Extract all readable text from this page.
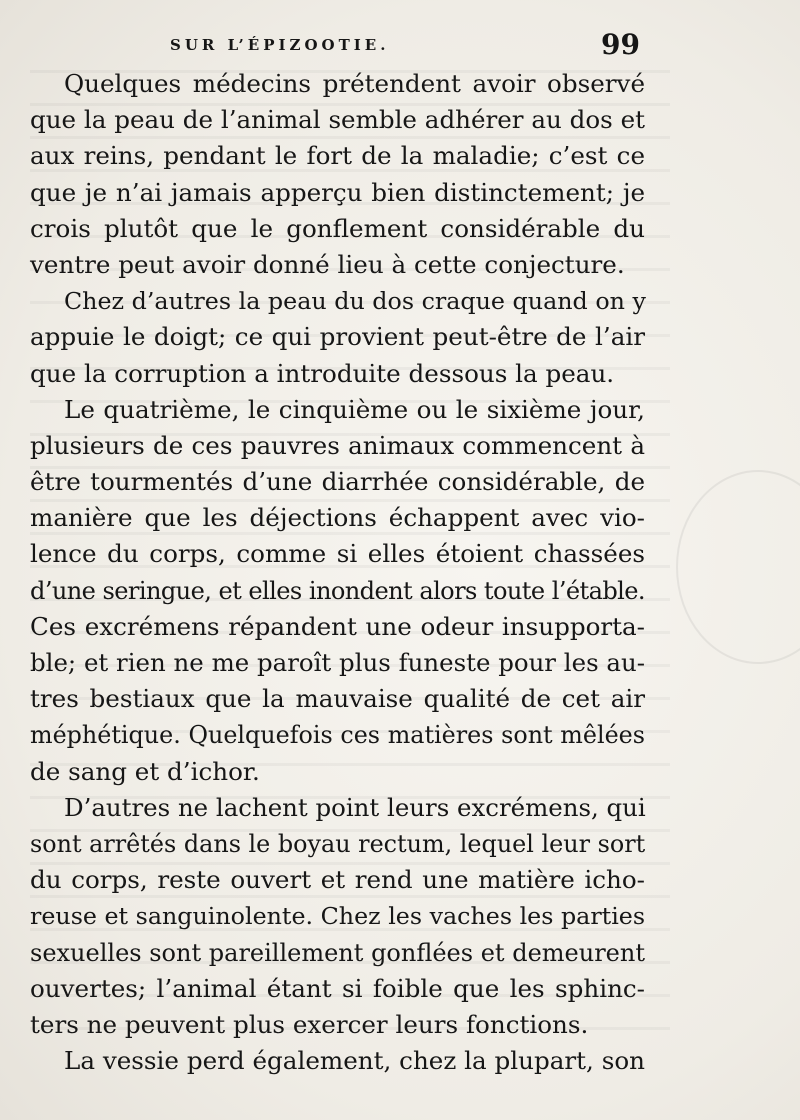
SUR L’ÉPIZOOTIE.	99
Quelques médecins prétendent avoir observé
que la peau de l’animal semble adhérer au dos et
aux reins, pendant le fort de la maladie; c’est ce
que je n’ai jamais apperçu bien distinctement; je
crois plutôt que le gonflement considérable du
ventre peut avoir donné lieu à cette conjecture.
Chez d’autres la peau du dos craque quand on y
appuie le doigt; ce qui provient peut-être de l’air
que la corruption a introduite dessous la peau.
Le quatrième, le cinquième ou le sixième jour,
plusieurs de ces pauvres animaux commencent à
être tourmentés d’une diarrhée considérable, de
manière que les déjections échappent avec vio-
lence du corps, comme si elles étoient chassées
d’une seringue, et elles inondent alors toute l’étable.
Ces excrémens répandent une odeur insupporta-
ble; et rien ne me paroît plus funeste pour les au-
tres bestiaux que la mauvaise qualité de cet air
méphétique. Quelquefois ces matières sont mêlées
de sang et d’ichor.
D’autres ne lachent point leurs excrémens, qui
sont arrêtés dans le boyau rectum, lequel leur sort
du corps, reste ouvert et rend une matière icho-
reuse et sanguinolente. Chez les vaches les parties
sexuelles sont pareillement gonflées et demeurent
ouvertes; l’animal étant si foible que les sphinc-
ters ne peuvent plus exercer leurs fonctions.
La vessie perd également, chez la plupart, son
